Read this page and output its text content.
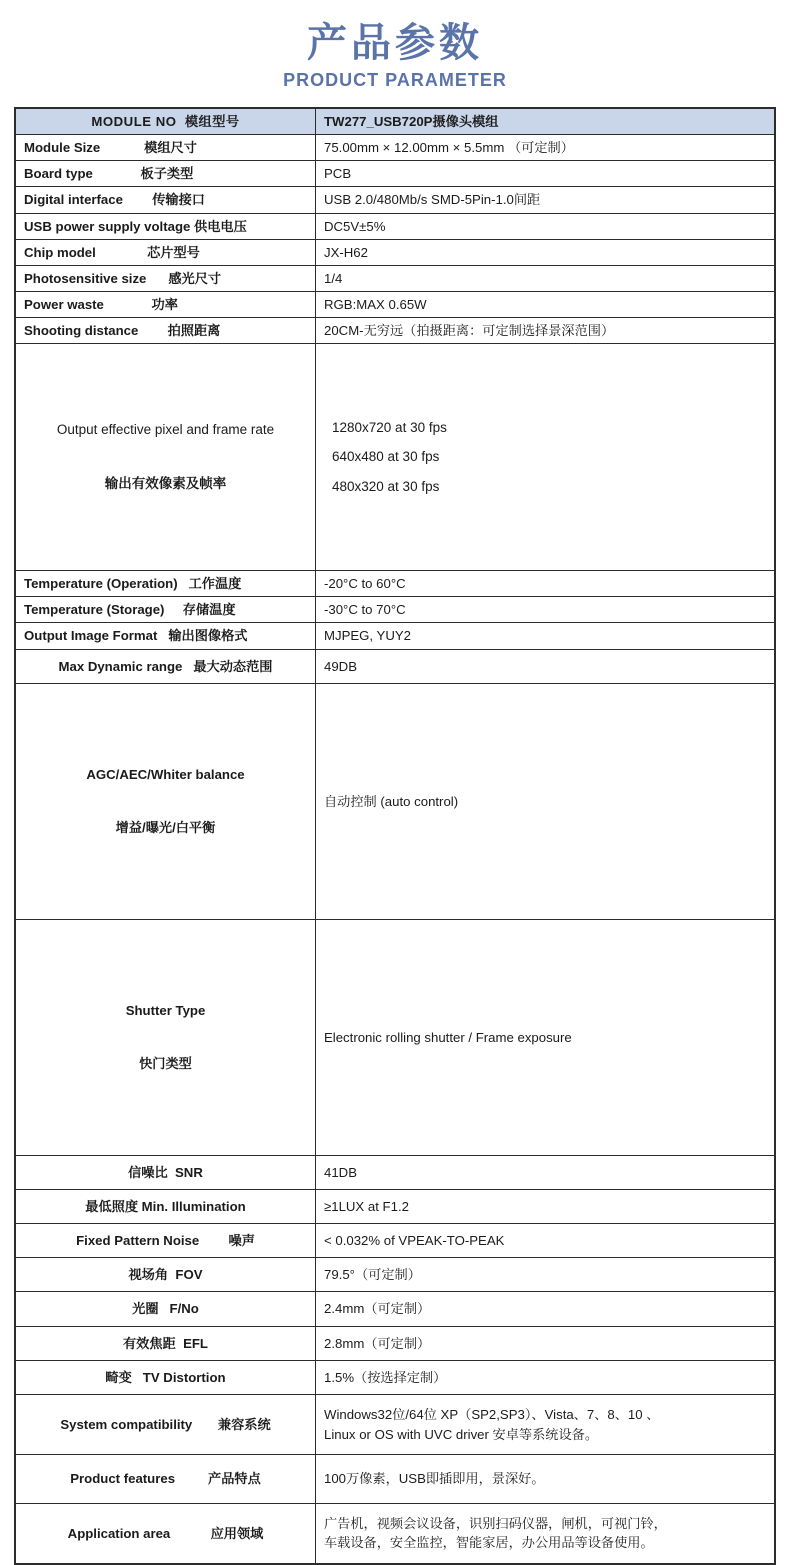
产品参数
PRODUCT PARAMETER
MODULE NO  模组型号	TW277_USB720P摄像头模组
Module Size            模组尺寸	75.00mm × 12.00mm × 5.5mm （可定制）
Board type             板子类型	PCB
Digital interface        传输接口	USB 2.0/480Mb/s SMD-5Pin-1.0间距
USB power supply voltage 供电电压	DC5V±5%
Chip model              芯片型号	JX-H62
Photosensitive size      感光尺寸	1/4
Power waste             功率	RGB:MAX 0.65W
Shooting distance        拍照距离	20CM-无穷远（拍摄距离：可定制选择景深范围）

Output effective pixel and frame rate

输出有效像素及帧率	1280x720 at 30 fps
640x480 at 30 fps
480x320 at 30 fps

Temperature (Operation)   工作温度	-20°C to 60°C
Temperature (Storage)     存储温度	-30°C to 70°C
Output Image Format   输出图像格式	MJPEG, YUY2
Max Dynamic range   最大动态范围	49DB

AGC/AEC/Whiter balance

增益/曝光/白平衡	自动控制 (auto control)

Shutter Type

快门类型	Electronic rolling shutter / Frame exposure
信噪比  SNR	41DB
最低照度 Min. Illumination	≥1LUX at F1.2
Fixed Pattern Noise        噪声	< 0.032% of VPEAK-TO-PEAK
视场角  FOV	79.5°（可定制）
光圈   F/No	2.4mm（可定制）
有效焦距  EFL	2.8mm（可定制）
畸变   TV Distortion	1.5%（按选择定制）
System compatibility       兼容系统	Windows32位/64位 XP（SP2,SP3）、Vista、7、8、10 、
Linux or OS with UVC driver 安卓等系统设备。

Product features         产品特点	100万像素，USB即插即用，景深好。
Application area           应用领域	广告机，视频会议设备，识别扫码仪器，闸机，可视门铃，
车载设备，安全监控，智能家居，办公用品等设备使用。
